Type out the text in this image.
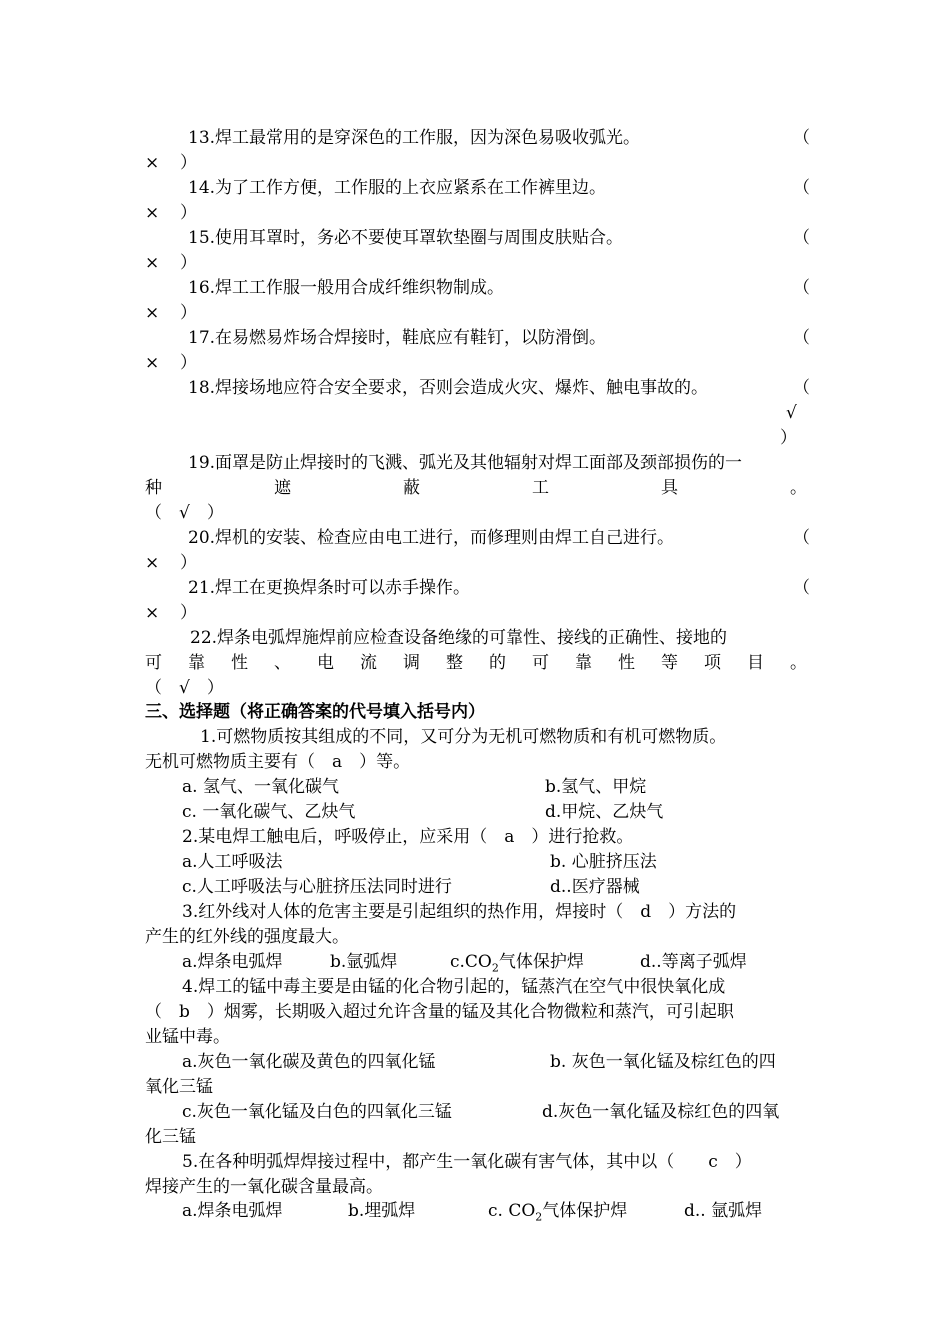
13.焊工最常用的是穿深色的工作服，因为深色易吸收弧光。	（
× ）
14.为了工作方便，工作服的上衣应紧系在工作裤里边。	（
× ）
15.使用耳罩时，务必不要使耳罩软垫圈与周围皮肤贴合。	（
× ）
16.焊工工作服一般用合成纤维织物制成。	（
× ）
17.在易燃易炸场合焊接时，鞋底应有鞋钉，以防滑倒。	（
× ）
18.焊接场地应符合安全要求，否则会造成火灾、爆炸、触电事故的。	（
√
）
19.面罩是防止焊接时的飞溅、弧光及其他辐射对焊工面部及颈部损伤的一
种	遮	蔽	工	具	。
（　√　）
20.焊机的安装、检查应由电工进行，而修理则由焊工自己进行。	（
× ）
21.焊工在更换焊条时可以赤手操作。	（
× ）
22.焊条电弧焊施焊前应检查设备绝缘的可靠性、接线的正确性、接地的
可 靠 性 、 电 流 调 整 的 可 靠 性 等 项 目 。
（　√　）
三、选择题（将正确答案的代号填入括号内）
1.可燃物质按其组成的不同，又可分为无机可燃物质和有机可燃物质。
无机可燃物质主要有（　a　）等。
a. 氢气、一氧化碳气	b.氢气、甲烷
c. 一氧化碳气、乙炔气	d.甲烷、乙炔气
2.某电焊工触电后，呼吸停止，应采用（　a　）进行抢救。
a.人工呼吸法	b. 心脏挤压法
c.人工呼吸法与心脏挤压法同时进行	d..医疗器械
3.红外线对人体的危害主要是引起组织的热作用，焊接时（　d　）方法的
产生的红外线的强度最大。
a.焊条电弧焊	b.氩弧焊	$c.CO_2$气体保护焊	d..等离子弧焊
4.焊工的锰中毒主要是由锰的化合物引起的，锰蒸汽在空气中很快氧化成
（　b　）烟雾，长期吸入超过允许含量的锰及其化合物微粒和蒸汽，可引起职
业锰中毒。
a.灰色一氧化碳及黄色的四氧化锰	b. 灰色一氧化锰及棕红色的四
氧化三锰
c.灰色一氧化锰及白色的四氧化三锰	d.灰色一氧化锰及棕红色的四氧
化三锰
5.在各种明弧焊焊接过程中，都产生一氧化碳有害气体，其中以（　　c　）
焊接产生的一氧化碳含量最高。
a.焊条电弧焊	b.埋弧焊	c. $CO_2$气体保护焊	d.. 氩弧焊
